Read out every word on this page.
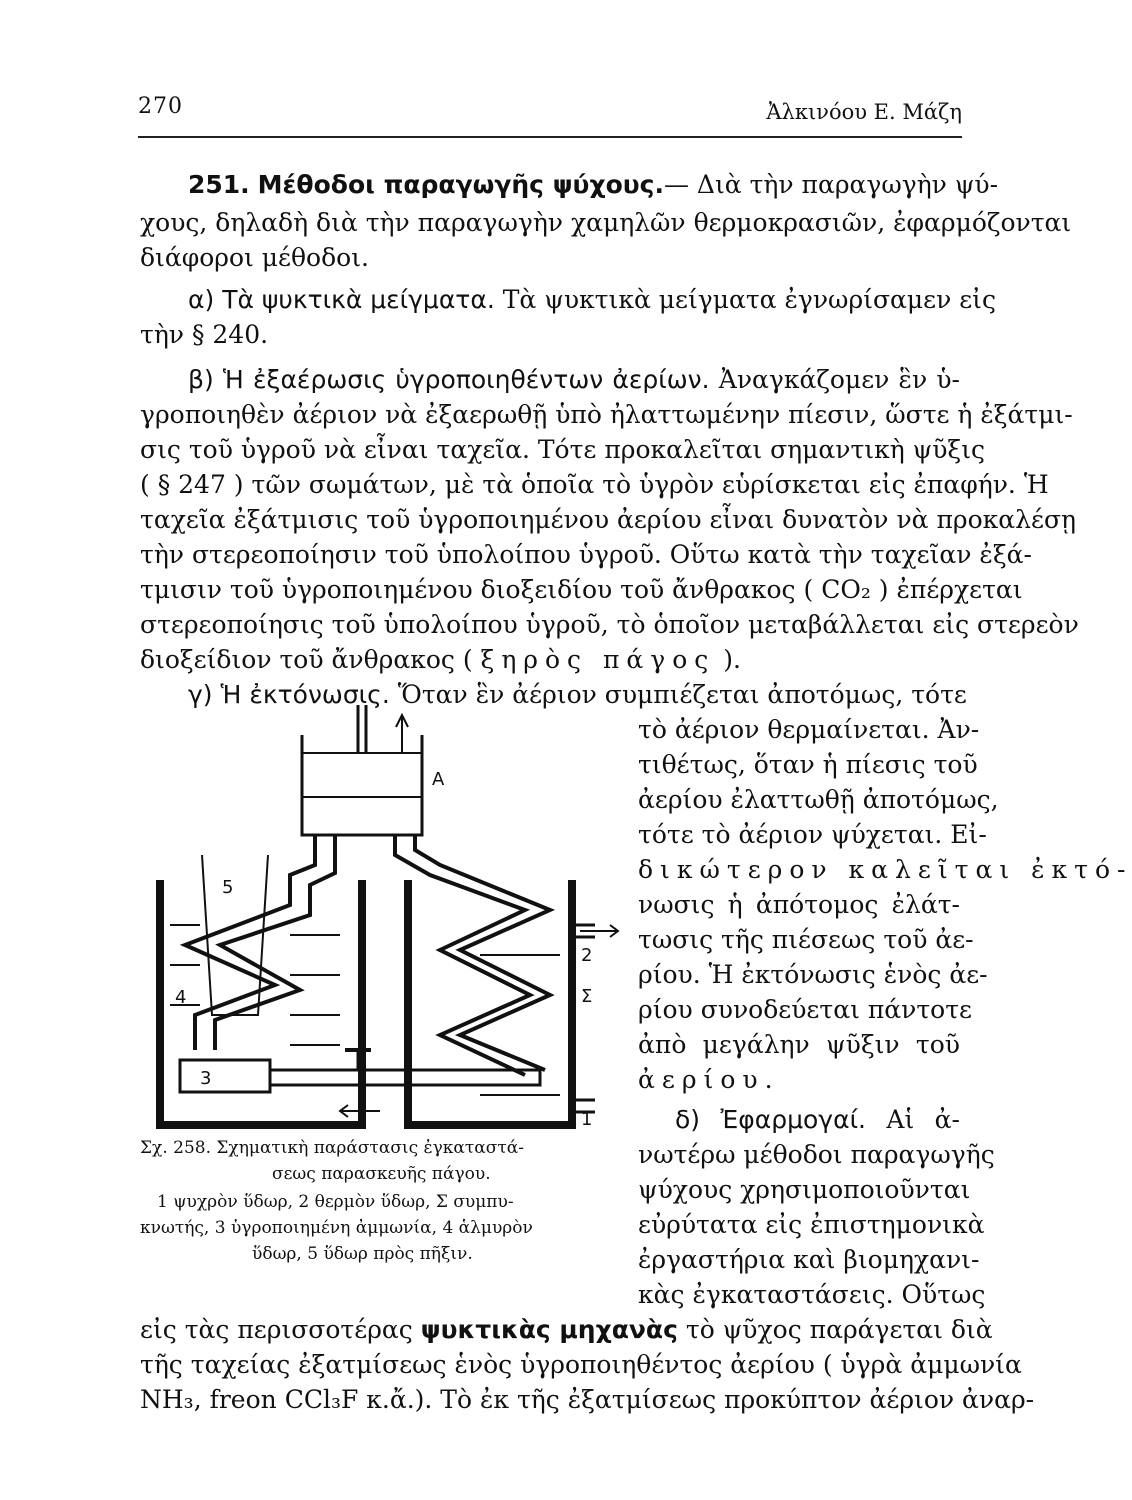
270	Ἀλκινόου Ε. Μάζη
251. Μέθοδοι παραγωγῆς ψύχους.— Διὰ τὴν παραγωγὴν ψύ-
χους, δηλαδὴ διὰ τὴν παραγωγὴν χαμηλῶν θερμοκρασιῶν, ἐφαρμόζονται
διάφοροι μέθοδοι.
α) Τὰ ψυκτικὰ μείγματα. Τὰ ψυκτικὰ μείγματα ἐγνωρίσαμεν εἰς
τὴν § 240.
β) Ἡ ἐξαέρωσις ὑγροποιηθέντων ἀερίων. Ἀναγκάζομεν ἓν ὑ-
γροποιηθὲν ἀέριον νὰ ἐξαερωθῇ ὑπὸ ἠλαττωμένην πίεσιν, ὥστε ἡ ἐξάτμι-
σις τοῦ ὑγροῦ νὰ εἶναι ταχεῖα. Τότε προκαλεῖται σημαντικὴ ψῦξις
( § 247 ) τῶν σωμάτων, μὲ τὰ ὁποῖα τὸ ὑγρὸν εὑρίσκεται εἰς ἐπαφήν. Ἡ
ταχεῖα ἐξάτμισις τοῦ ὑγροποιημένου ἀερίου εἶναι δυνατὸν νὰ προκαλέσῃ
τὴν στερεοποίησιν τοῦ ὑπολοίπου ὑγροῦ. Οὕτω κατὰ τὴν ταχεῖαν ἐξά-
τμισιν τοῦ ὑγροποιημένου διοξειδίου τοῦ ἄνθρακος ( CO₂ ) ἐπέρχεται
στερεοποίησις τοῦ ὑπολοίπου ὑγροῦ, τὸ ὁποῖον μεταβάλλεται εἰς στερεὸν
διοξείδιον τοῦ ἄνθρακος ( ξηρὸς πάγος ).
γ) Ἡ ἐκτόνωσις. Ὅταν ἓν ἀέριον συμπιέζεται ἀποτόμως, τότε
τὸ ἀέριον θερμαίνεται. Ἀν-
τιθέτως, ὅταν ἡ πίεσις τοῦ
ἀερίου ἐλαττωθῇ ἀποτόμως,
τότε τὸ ἀέριον ψύχεται. Εἰ-
δικώτερον καλεῖται ἐκτό-
νωσις ἡ ἀπότομος ἐλάτ-
τωσις τῆς πιέσεως τοῦ ἀε-
ρίου. Ἡ ἐκτόνωσις ἑνὸς ἀε-
ρίου συνοδεύεται πάντοτε
ἀπὸ μεγάλην ψῦξιν τοῦ
ἀερίου.
δ) Ἐφαρμογαί. Αἱ ἀ-
νωτέρω μέθοδοι παραγωγῆς
ψύχους χρησιμοποιοῦνται
εὐρύτατα εἰς ἐπιστημονικὰ
ἐργαστήρια καὶ βιομηχανι-
κὰς ἐγκαταστάσεις. Οὕτως
εἰς τὰς περισσοτέρας ψυκτικὰς μηχανὰς τὸ ψῦχος παράγεται διὰ
τῆς ταχείας ἐξατμίσεως ἑνὸς ὑγροποιηθέντος ἀερίου ( ὑγρὰ ἀμμωνία
NH₃, freon CCl₃F κ.ἄ.). Τὸ ἐκ τῆς ἐξατμίσεως προκύπτον ἀέριον ἀναρ-
A
5
4
3
2
Σ
1
Σχ. 258. Σχηματικὴ παράστασις ἐγκαταστά-
σεως παρασκευῆς πάγου.
1 ψυχρὸν ὕδωρ, 2 θερμὸν ὕδωρ, Σ συμπυ-
κνωτής, 3 ὑγροποιημένη ἀμμωνία, 4 ἁλμυρὸν
ὕδωρ, 5 ὕδωρ πρὸς πῆξιν.
